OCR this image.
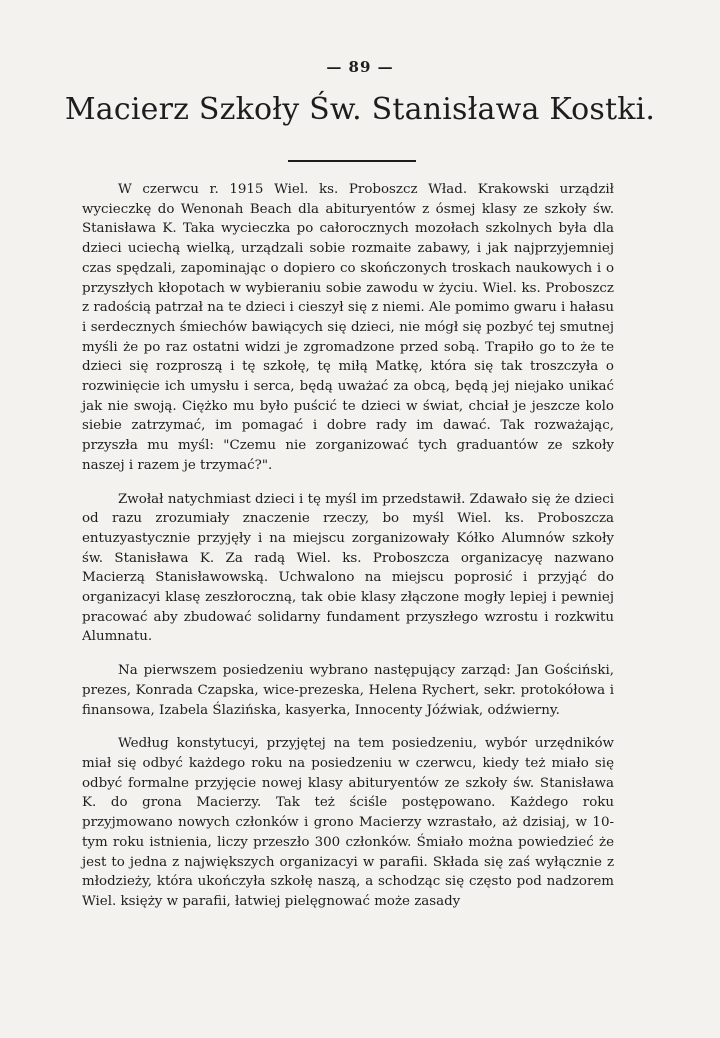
— 89 —
Macierz Szkoły Św. Stanisława Kostki.

W czerwcu r. 1915 Wiel. ks. Proboszcz Wład. Krakowski urządził wycieczkę do Wenonah Beach dla abituryentów z ósmej klasy ze szkoły św. Stanisława K. Taka wycieczka po całorocznych mozołach szkolnych była dla dzieci uciechą wielką, urządzali sobie rozmaite zabawy, i jak najprzyjemniej czas spędzali, zapominając o dopiero co skończonych troskach naukowych i o przyszłych kłopotach w wybieraniu sobie zawodu w życiu. Wiel. ks. Proboszcz z radością patrzał na te dzieci i cieszył się z niemi. Ale pomimo gwaru i hałasu i serdecznych śmiechów bawiących się dzieci, nie mógł się pozbyć tej smutnej myśli że po raz ostatni widzi je zgromadzone przed sobą. Trapiło go to że te dzieci się rozproszą i tę szkołę, tę miłą Matkę, która się tak troszczyła o rozwinięcie ich umysłu i serca, będą uważać za obcą, będą jej niejako unikać jak nie swoją. Ciężko mu było puścić te dzieci w świat, chciał je jeszcze kolo siebie zatrzymać, im pomagać i dobre rady im dawać. Tak rozważając, przyszła mu myśl: "Czemu nie zorganizować tych graduantów ze szkoły naszej i razem je trzymać?".

Zwołał natychmiast dzieci i tę myśl im przedstawił. Zdawało się że dzieci od razu zrozumiały znaczenie rzeczy, bo myśl Wiel. ks. Proboszcza entuzyastycznie przyjęły i na miejscu zorganizowały Kółko Alumnów szkoły św. Stanisława K. Za radą Wiel. ks. Proboszcza organizacyę nazwano Macierzą Stanisławowską. Uchwalono na miejscu poprosić i przyjąć do organizacyi klasę zeszłoroczną, tak obie klasy złączone mogły lepiej i pewniej pracować aby zbudować solidarny fundament przyszłego wzrostu i rozkwitu Alumnatu.

Na pierwszem posiedzeniu wybrano następujący zarząd: Jan Gościński, prezes, Konrada Czapska, wice-prezeska, Helena Rychert, sekr. protokółowa i finansowa, Izabela Ślazińska, kasyerka, Innocenty Jóźwiak, odźwierny.

Według konstytucyi, przyjętej na tem posiedzeniu, wybór urzędników miał się odbyć każdego roku na posiedzeniu w czerwcu, kiedy też miało się odbyć formalne przyjęcie nowej klasy abituryentów ze szkoły św. Stanisława K. do grona Macierzy. Tak też ściśle postępowano. Każdego roku przyjmowano nowych członków i grono Macierzy wzrastało, aż dzisiaj, w 10-tym roku istnienia, liczy przeszło 300 członków. Śmiało można powiedzieć że jest to jedna z największych organizacyi w parafii. Składa się zaś wyłącznie z młodzieży, która ukończyła szkołę naszą, a schodząc się często pod nadzorem Wiel. księży w parafii, łatwiej pielęgnować może zasady
